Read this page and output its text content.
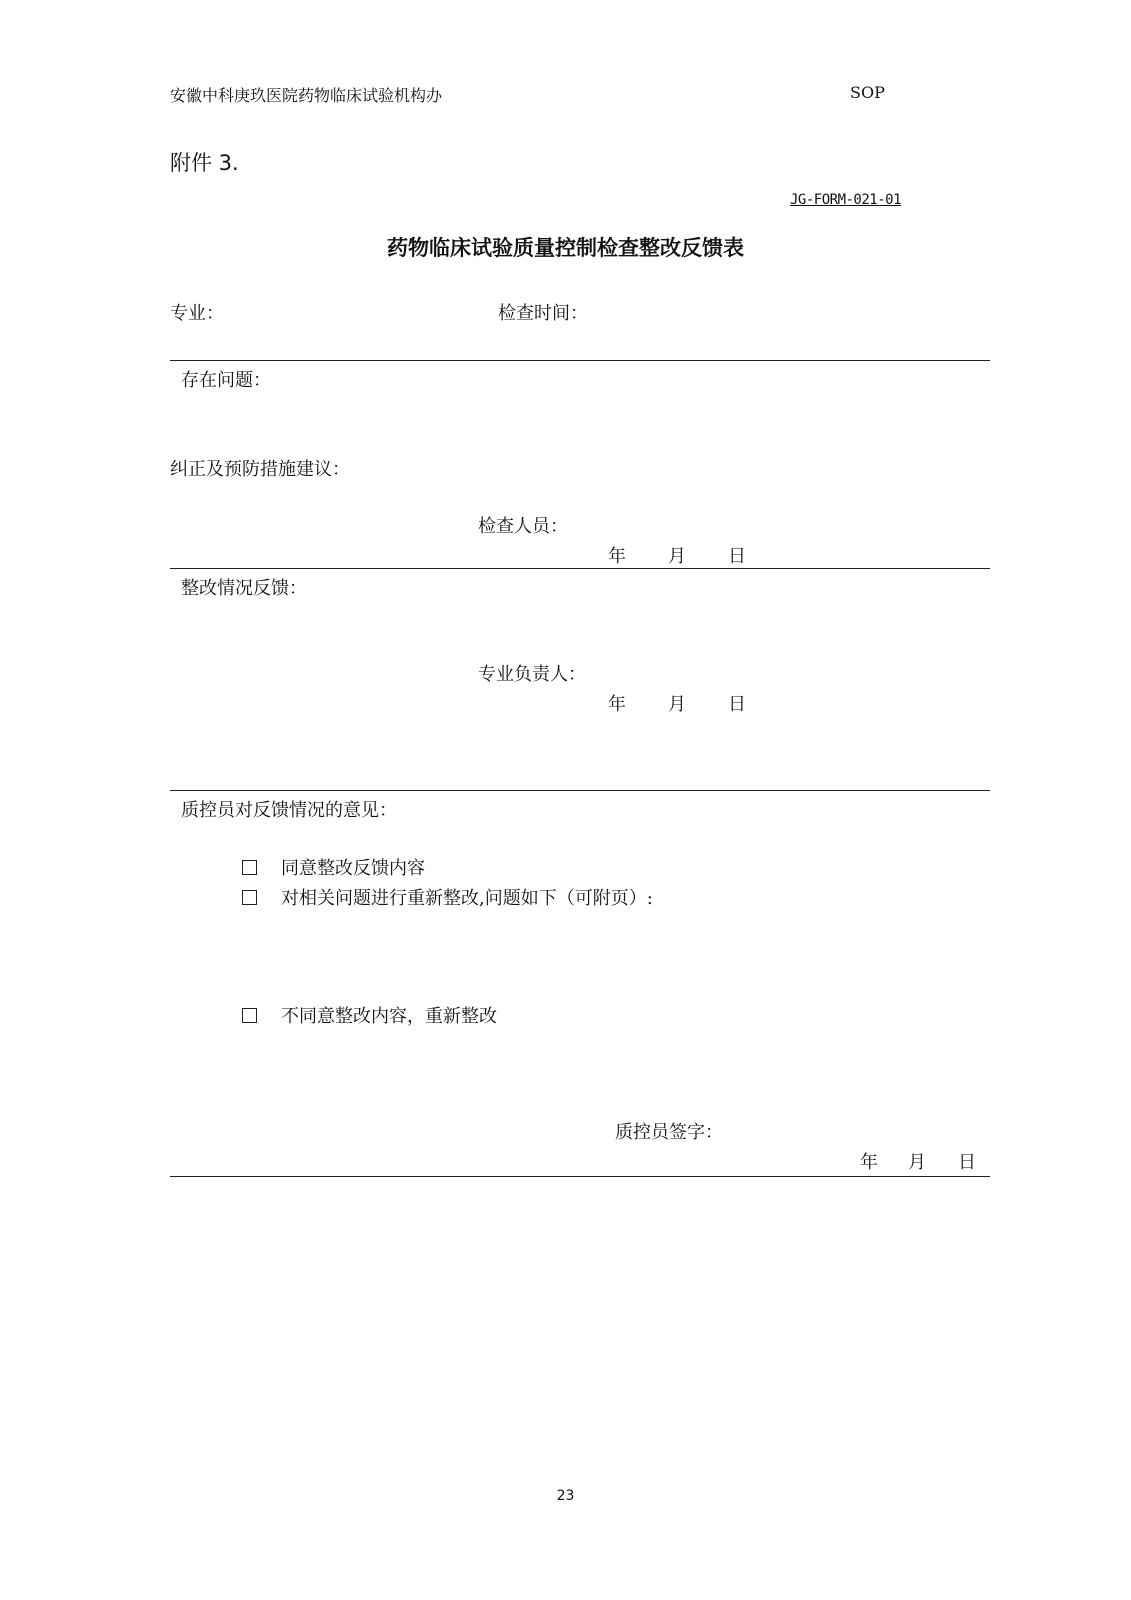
安徽中科庚玖医院药物临床试验机构办	SOP
附件 3.
JG-FORM-021-01
药物临床试验质量控制检查整改反馈表
专业：	检查时间：
存在问题：
纠正及预防措施建议：
检查人员：
年 月 日
整改情况反馈：
专业负责人：
年 月 日
质控员对反馈情况的意见：
同意整改反馈内容
对相关问题进行重新整改,问题如下（可附页）:
不同意整改内容，重新整改
质控员签字：
年 月 日
23
